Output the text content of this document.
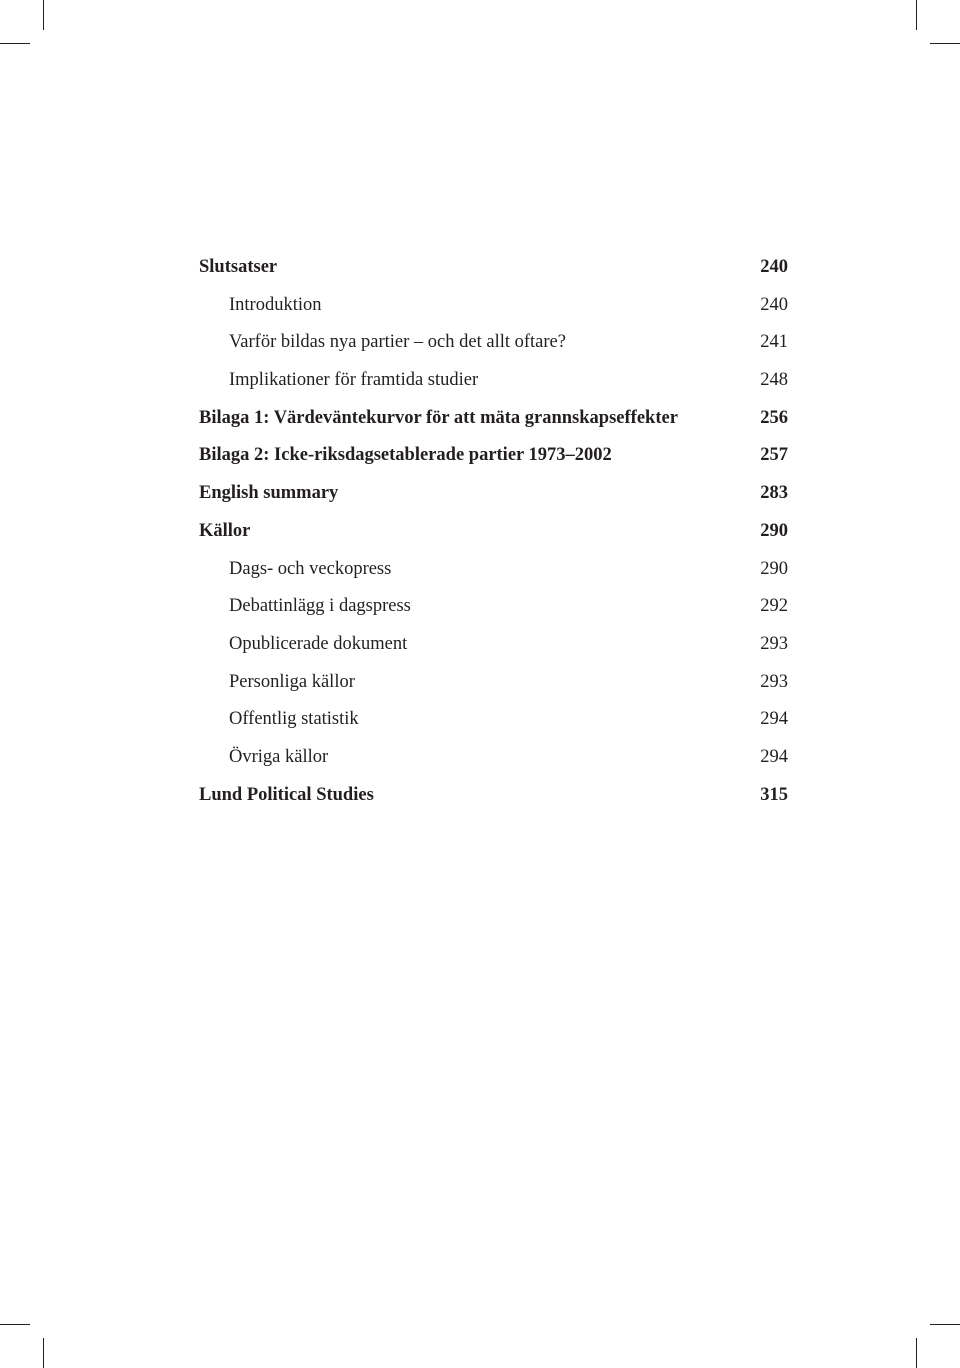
Slutsatser	240
Introduktion	240
Varför bildas nya partier – och det allt oftare?	241
Implikationer för framtida studier	248
Bilaga 1: Värdeväntekurvor för att mäta grannskapseffekter	256
Bilaga 2: Icke-riksdagsetablerade partier 1973–2002	257
English summary	283
Källor	290
Dags- och veckopress	290
Debattinlägg i dagspress	292
Opublicerade dokument	293
Personliga källor	293
Offentlig statistik	294
Övriga källor	294
Lund Political Studies	315
